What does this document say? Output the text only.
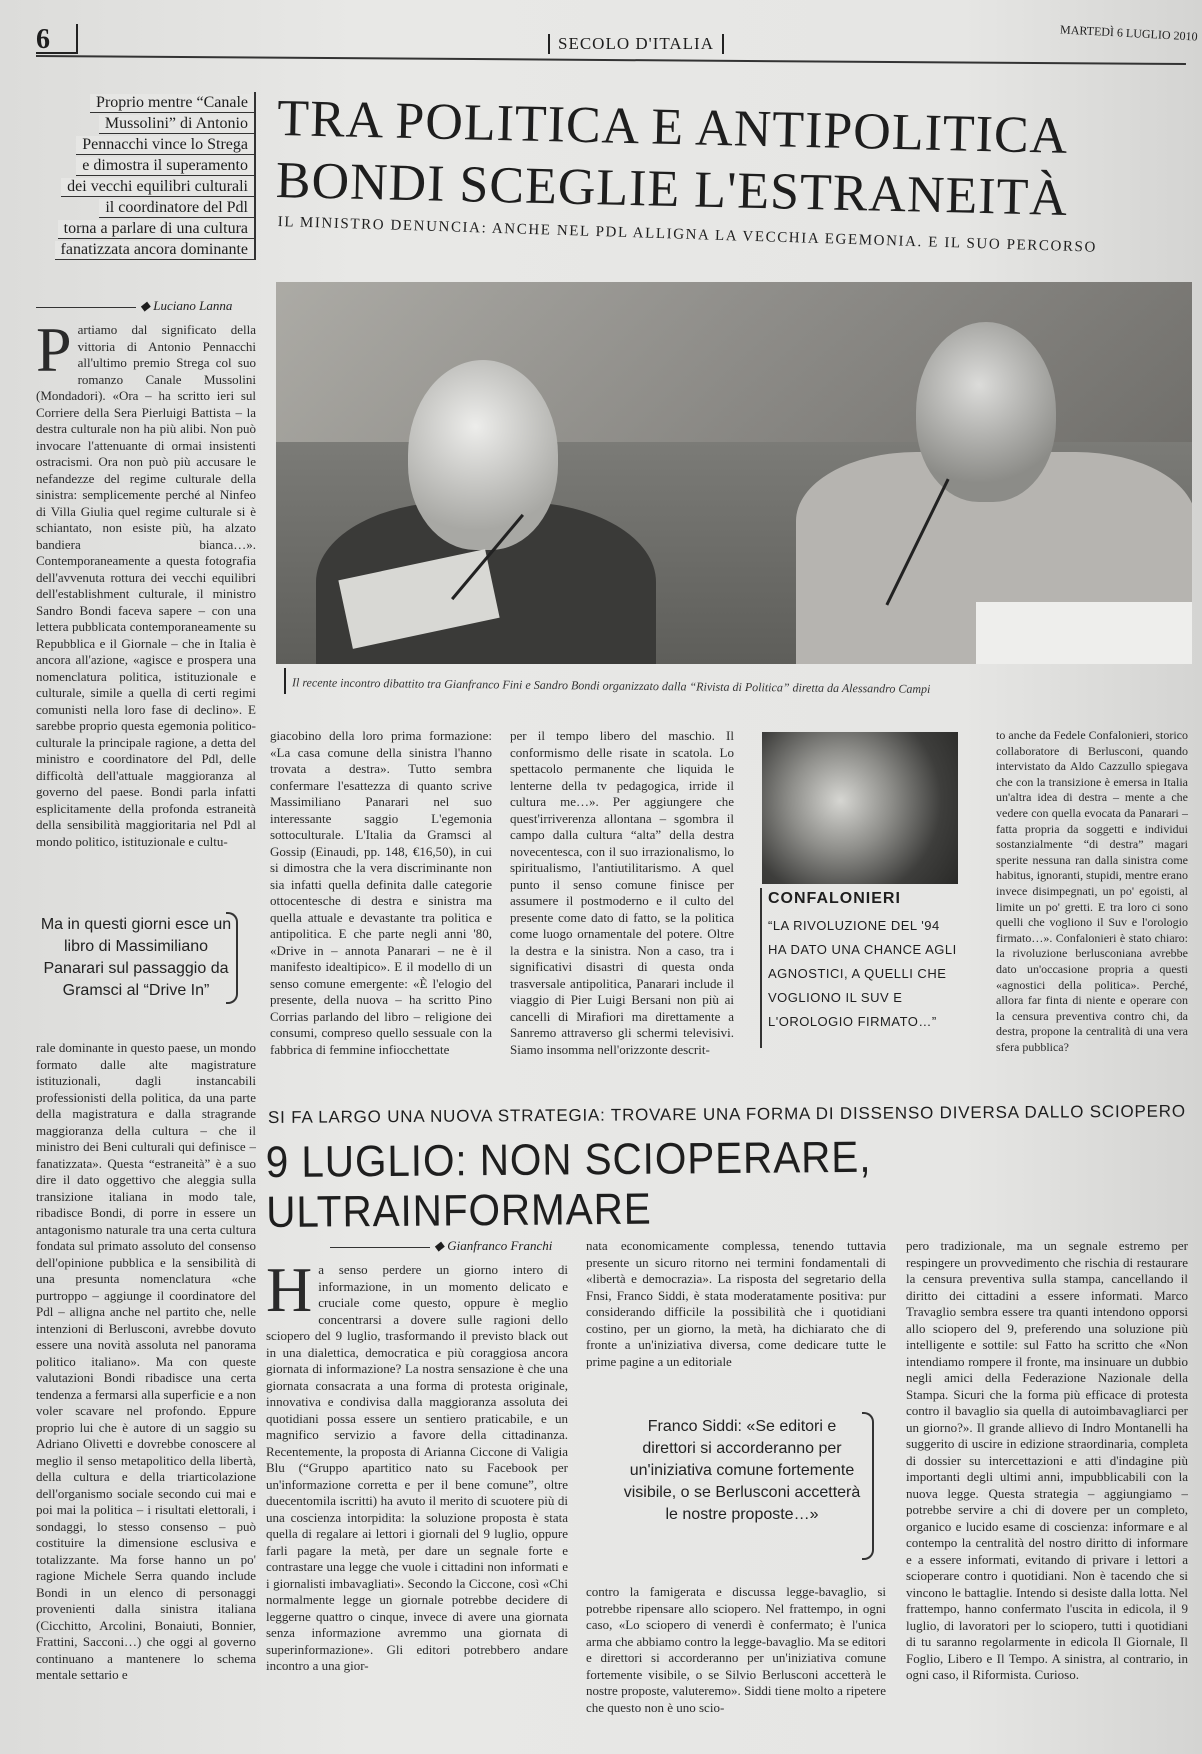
6	SECOLO D'ITALIA	MARTEDÌ 6 LUGLIO 2010
Proprio mentre “Canale
Mussolini” di Antonio
Pennacchi vince lo Strega
e dimostra il superamento
dei vecchi equilibri culturali
il coordinatore del Pdl
torna a parlare di una cultura
fanatizzata ancora dominante
TRA POLITICA E ANTIPOLITICA
BONDI SCEGLIE L'ESTRANEITÀ
IL MINISTRO DENUNCIA: ANCHE NEL PDL ALLIGNA LA VECCHIA EGEMONIA. E IL SUO PERCORSO
◆ Luciano Lanna
Partiamo dal significato della vittoria di Antonio Pennacchi all'ultimo premio Strega col suo romanzo Canale Mussolini (Mondadori). «Ora – ha scritto ieri sul Corriere della Sera Pierluigi Battista – la destra culturale non ha più alibi. Non può invocare l'attenuante di ormai insistenti ostracismi. Ora non può più accusare le nefandezze del regime culturale della sinistra: semplicemente perché al Ninfeo di Villa Giulia quel regime culturale si è schiantato, non esiste più, ha alzato bandiera bianca…». Contemporaneamente a questa fotografia dell'avvenuta rottura dei vecchi equilibri dell'establishment culturale, il ministro Sandro Bondi faceva sapere – con una lettera pubblicata contemporaneamente su Repubblica e il Giornale – che in Italia è ancora all'azione, «agisce e prospera una nomenclatura politica, istituzionale e culturale, simile a quella di certi regimi comunisti nella loro fase di declino». E sarebbe proprio questa egemonia politico-culturale la principale ragione, a detta del ministro e coordinatore del Pdl, delle difficoltà dell'attuale maggioranza al governo del paese. Bondi parla infatti esplicitamente della profonda estraneità della sensibilità maggioritaria nel Pdl al mondo politico, istituzionale e cultu-
Ma in questi giorni esce un libro di Massimiliano Panarari sul passaggio da Gramsci al “Drive In”
rale dominante in questo paese, un mondo formato dalle alte magistrature istituzionali, dagli instancabili professionisti della politica, da una parte della magistratura e dalla stragrande maggioranza della cultura – che il ministro dei Beni culturali qui definisce – fanatizzata». Questa “estraneità” è a suo dire il dato oggettivo che aleggia sulla transizione italiana in modo tale, ribadisce Bondi, di porre in essere un antagonismo naturale tra una certa cultura fondata sul primato assoluto del consenso dell'opinione pubblica e la sensibilità di una presunta nomenclatura «che purtroppo – aggiunge il coordinatore del Pdl – alligna anche nel partito che, nelle intenzioni di Berlusconi, avrebbe dovuto essere una novità assoluta nel panorama politico italiano». Ma con queste valutazioni Bondi ribadisce una certa tendenza a fermarsi alla superficie e a non voler scavare nel profondo. Eppure proprio lui che è autore di un saggio su Adriano Olivetti e dovrebbe conoscere al meglio il senso metapolitico della libertà, della cultura e della triarticolazione dell'organismo sociale secondo cui mai e poi mai la politica – i risultati elettorali, i sondaggi, lo stesso consenso – può costituire la dimensione esclusiva e totalizzante. Ma forse hanno un po' ragione Michele Serra quando include Bondi in un elenco di personaggi provenienti dalla sinistra italiana (Cicchitto, Arcolini, Bonaiuti, Bonnier, Frattini, Sacconi…) che oggi al governo continuano a mantenere lo schema mentale settario e
Il recente incontro dibattito tra Gianfranco Fini e Sandro Bondi organizzato dalla “Rivista di Politica” diretta da Alessandro Campi
giacobino della loro prima formazione: «La casa comune della sinistra l'hanno trovata a destra». Tutto sembra confermare l'esattezza di quanto scrive Massimiliano Panarari nel suo interessante saggio L'egemonia sottoculturale. L'Italia da Gramsci al Gossip (Einaudi, pp. 148, €16,50), in cui si dimostra che la vera discriminante non sia infatti quella definita dalle categorie ottocentesche di destra e sinistra ma quella attuale e devastante tra politica e antipolitica. E che parte negli anni '80, «Drive in – annota Panarari – ne è il manifesto idealtipico». E il modello di un senso comune emergente: «È l'elogio del presente, della nuova – ha scritto Pino Corrias parlando del libro – religione dei consumi, compreso quello sessuale con la fabbrica di femmine infiocchettate
per il tempo libero del maschio. Il conformismo delle risate in scatola. Lo spettacolo permanente che liquida le lenterne della tv pedagogica, irride il cultura me…». Per aggiungere che quest'irriverenza allontana – sgombra il campo dalla cultura “alta” della destra novecentesca, con il suo irrazionalismo, lo spiritualismo, l'antiutilitarismo. A quel punto il senso comune finisce per assumere il postmoderno e il culto del presente come dato di fatto, se la politica come luogo ornamentale del potere. Oltre la destra e la sinistra. Non a caso, tra i significativi disastri di questa onda trasversale antipolitica, Panarari include il viaggio di Pier Luigi Bersani non più ai cancelli di Mirafiori ma direttamente a Sanremo attraverso gli schermi televisivi. Siamo insomma nell'orizzonte descrit-
CONFALONIERI
“LA RIVOLUZIONE DEL '94 HA DATO UNA CHANCE AGLI AGNOSTICI, A QUELLI CHE VOGLIONO IL SUV E L'OROLOGIO FIRMATO…”
to anche da Fedele Confalonieri, storico collaboratore di Berlusconi, quando intervistato da Aldo Cazzullo spiegava che con la transizione è emersa in Italia un'altra idea di destra – mente a che vedere con quella evocata da Panarari – fatta propria da soggetti e individui sostanzialmente “di destra” magari sperite nessuna ran dalla sinistra come habitus, ignoranti, stupidi, mentre erano invece disimpegnati, un po' egoisti, al limite un po' gretti. E tra loro ci sono quelli che vogliono il Suv e l'orologio firmato…». Confalonieri è stato chiaro: la rivoluzione berlusconiana avrebbe dato un'occasione propria a questi «agnostici della politica». Perché, allora far finta di niente e operare con la censura preventiva contro chi, da destra, propone la centralità di una vera sfera pubblica?
SI FA LARGO UNA NUOVA STRATEGIA: TROVARE UNA FORMA DI DISSENSO DIVERSA DALLO SCIOPERO
9 LUGLIO: NON SCIOPERARE, ULTRAINFORMARE
◆ Gianfranco Franchi
Ha senso perdere un giorno intero di informazione, in un momento delicato e cruciale come questo, oppure è meglio concentrarsi a dovere sulle ragioni dello sciopero del 9 luglio, trasformando il previsto black out in una dialettica, democratica e più coraggiosa ancora giornata di informazione? La nostra sensazione è che una giornata consacrata a una forma di protesta originale, innovativa e condivisa dalla maggioranza assoluta dei quotidiani possa essere un sentiero praticabile, e un magnifico servizio a favore della cittadinanza. Recentemente, la proposta di Arianna Ciccone di Valigia Blu (“Gruppo apartitico nato su Facebook per un'informazione corretta e per il bene comune”, oltre duecentomila iscritti) ha avuto il merito di scuotere più di una coscienza intorpidita: la soluzione proposta è stata quella di regalare ai lettori i giornali del 9 luglio, oppure farli pagare la metà, per dare un segnale forte e contrastare una legge che vuole i cittadini non informati e i giornalisti imbavagliati». Secondo la Ciccone, così «Chi normalmente legge un giornale potrebbe decidere di leggerne quattro o cinque, invece di avere una giornata senza informazione avremmo una giornata di superinformazione». Gli editori potrebbero andare incontro a una gior-
nata economicamente complessa, tenendo tuttavia presente un sicuro ritorno nei termini fondamentali di «libertà e democrazia». La risposta del segretario della Fnsi, Franco Siddi, è stata moderatamente positiva: pur considerando difficile la possibilità che i quotidiani costino, per un giorno, la metà, ha dichiarato che di fronte a un'iniziativa diversa, come dedicare tutte le prime pagine a un editoriale
Franco Siddi: «Se editori e direttori si accorderanno per un'iniziativa comune fortemente visibile, o se Berlusconi accetterà le nostre proposte…»
contro la famigerata e discussa legge-bavaglio, si potrebbe ripensare allo sciopero. Nel frattempo, in ogni caso, «Lo sciopero di venerdì è confermato; è l'unica arma che abbiamo contro la legge-bavaglio. Ma se editori e direttori si accorderanno per un'iniziativa comune fortemente visibile, o se Silvio Berlusconi accetterà le nostre proposte, valuteremo». Siddi tiene molto a ripetere che questo non è uno scio-
pero tradizionale, ma un segnale estremo per respingere un provvedimento che rischia di restaurare la censura preventiva sulla stampa, cancellando il diritto dei cittadini a essere informati. Marco Travaglio sembra essere tra quanti intendono opporsi allo sciopero del 9, preferendo una soluzione più intelligente e sottile: sul Fatto ha scritto che «Non intendiamo rompere il fronte, ma insinuare un dubbio negli amici della Federazione Nazionale della Stampa. Sicuri che la forma più efficace di protesta contro il bavaglio sia quella di autoimbavagliarci per un giorno?». Il grande allievo di Indro Montanelli ha suggerito di uscire in edizione straordinaria, completa di dossier su intercettazioni e atti d'indagine più importanti degli ultimi anni, impubblicabili con la nuova legge. Questa strategia – aggiungiamo – potrebbe servire a chi di dovere per un completo, organico e lucido esame di coscienza: informare e al contempo la centralità del nostro diritto di informare e a essere informati, evitando di privare i lettori a scioperare contro i quotidiani. Non è tacendo che si vincono le battaglie. Intendo si desiste dalla lotta. Nel frattempo, hanno confermato l'uscita in edicola, il 9 luglio, di lavoratori per lo sciopero, tutti i quotidiani di tu saranno regolarmente in edicola Il Giornale, Il Foglio, Libero e Il Tempo. A sinistra, al contrario, in ogni caso, il Riformista. Curioso.
